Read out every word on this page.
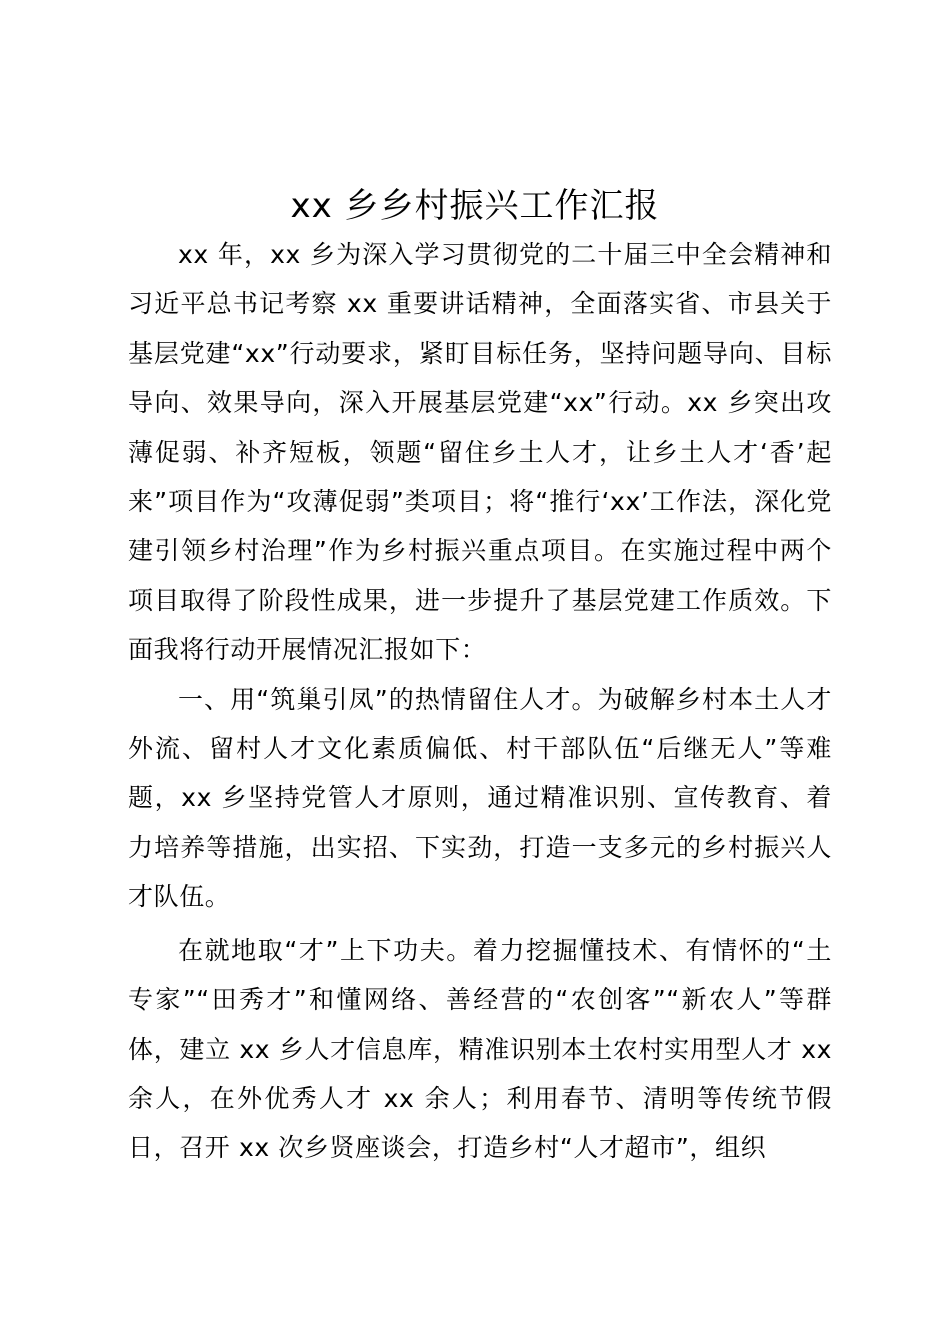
xx 乡乡村振兴工作汇报

xx 年，xx 乡为深入学习贯彻党的二十届三中全会精神和习近平总书记考察 xx 重要讲话精神，全面落实省、市县关于基层党建“xx”行动要求，紧盯目标任务，坚持问题导向、目标导向、效果导向，深入开展基层党建“xx”行动。xx 乡突出攻薄促弱、补齐短板，领题“留住乡土人才，让乡土人才‘香’起来”项目作为“攻薄促弱”类项目；将“推行‘xx’工作法，深化党建引领乡村治理”作为乡村振兴重点项目。在实施过程中两个项目取得了阶段性成果，进一步提升了基层党建工作质效。下面我将行动开展情况汇报如下：

一、用“筑巢引凤”的热情留住人才。为破解乡村本土人才外流、留村人才文化素质偏低、村干部队伍“后继无人”等难题，xx 乡坚持党管人才原则，通过精准识别、宣传教育、着力培养等措施，出实招、下实劲，打造一支多元的乡村振兴人才队伍。

在就地取“才”上下功夫。着力挖掘懂技术、有情怀的“土专家”“田秀才”和懂网络、善经营的“农创客”“新农人”等群体，建立 xx 乡人才信息库，精准识别本土农村实用型人才 xx 余人，在外优秀人才 xx 余人；利用春节、清明等传统节假日，召开 xx 次乡贤座谈会，打造乡村“人才超市”，组织
